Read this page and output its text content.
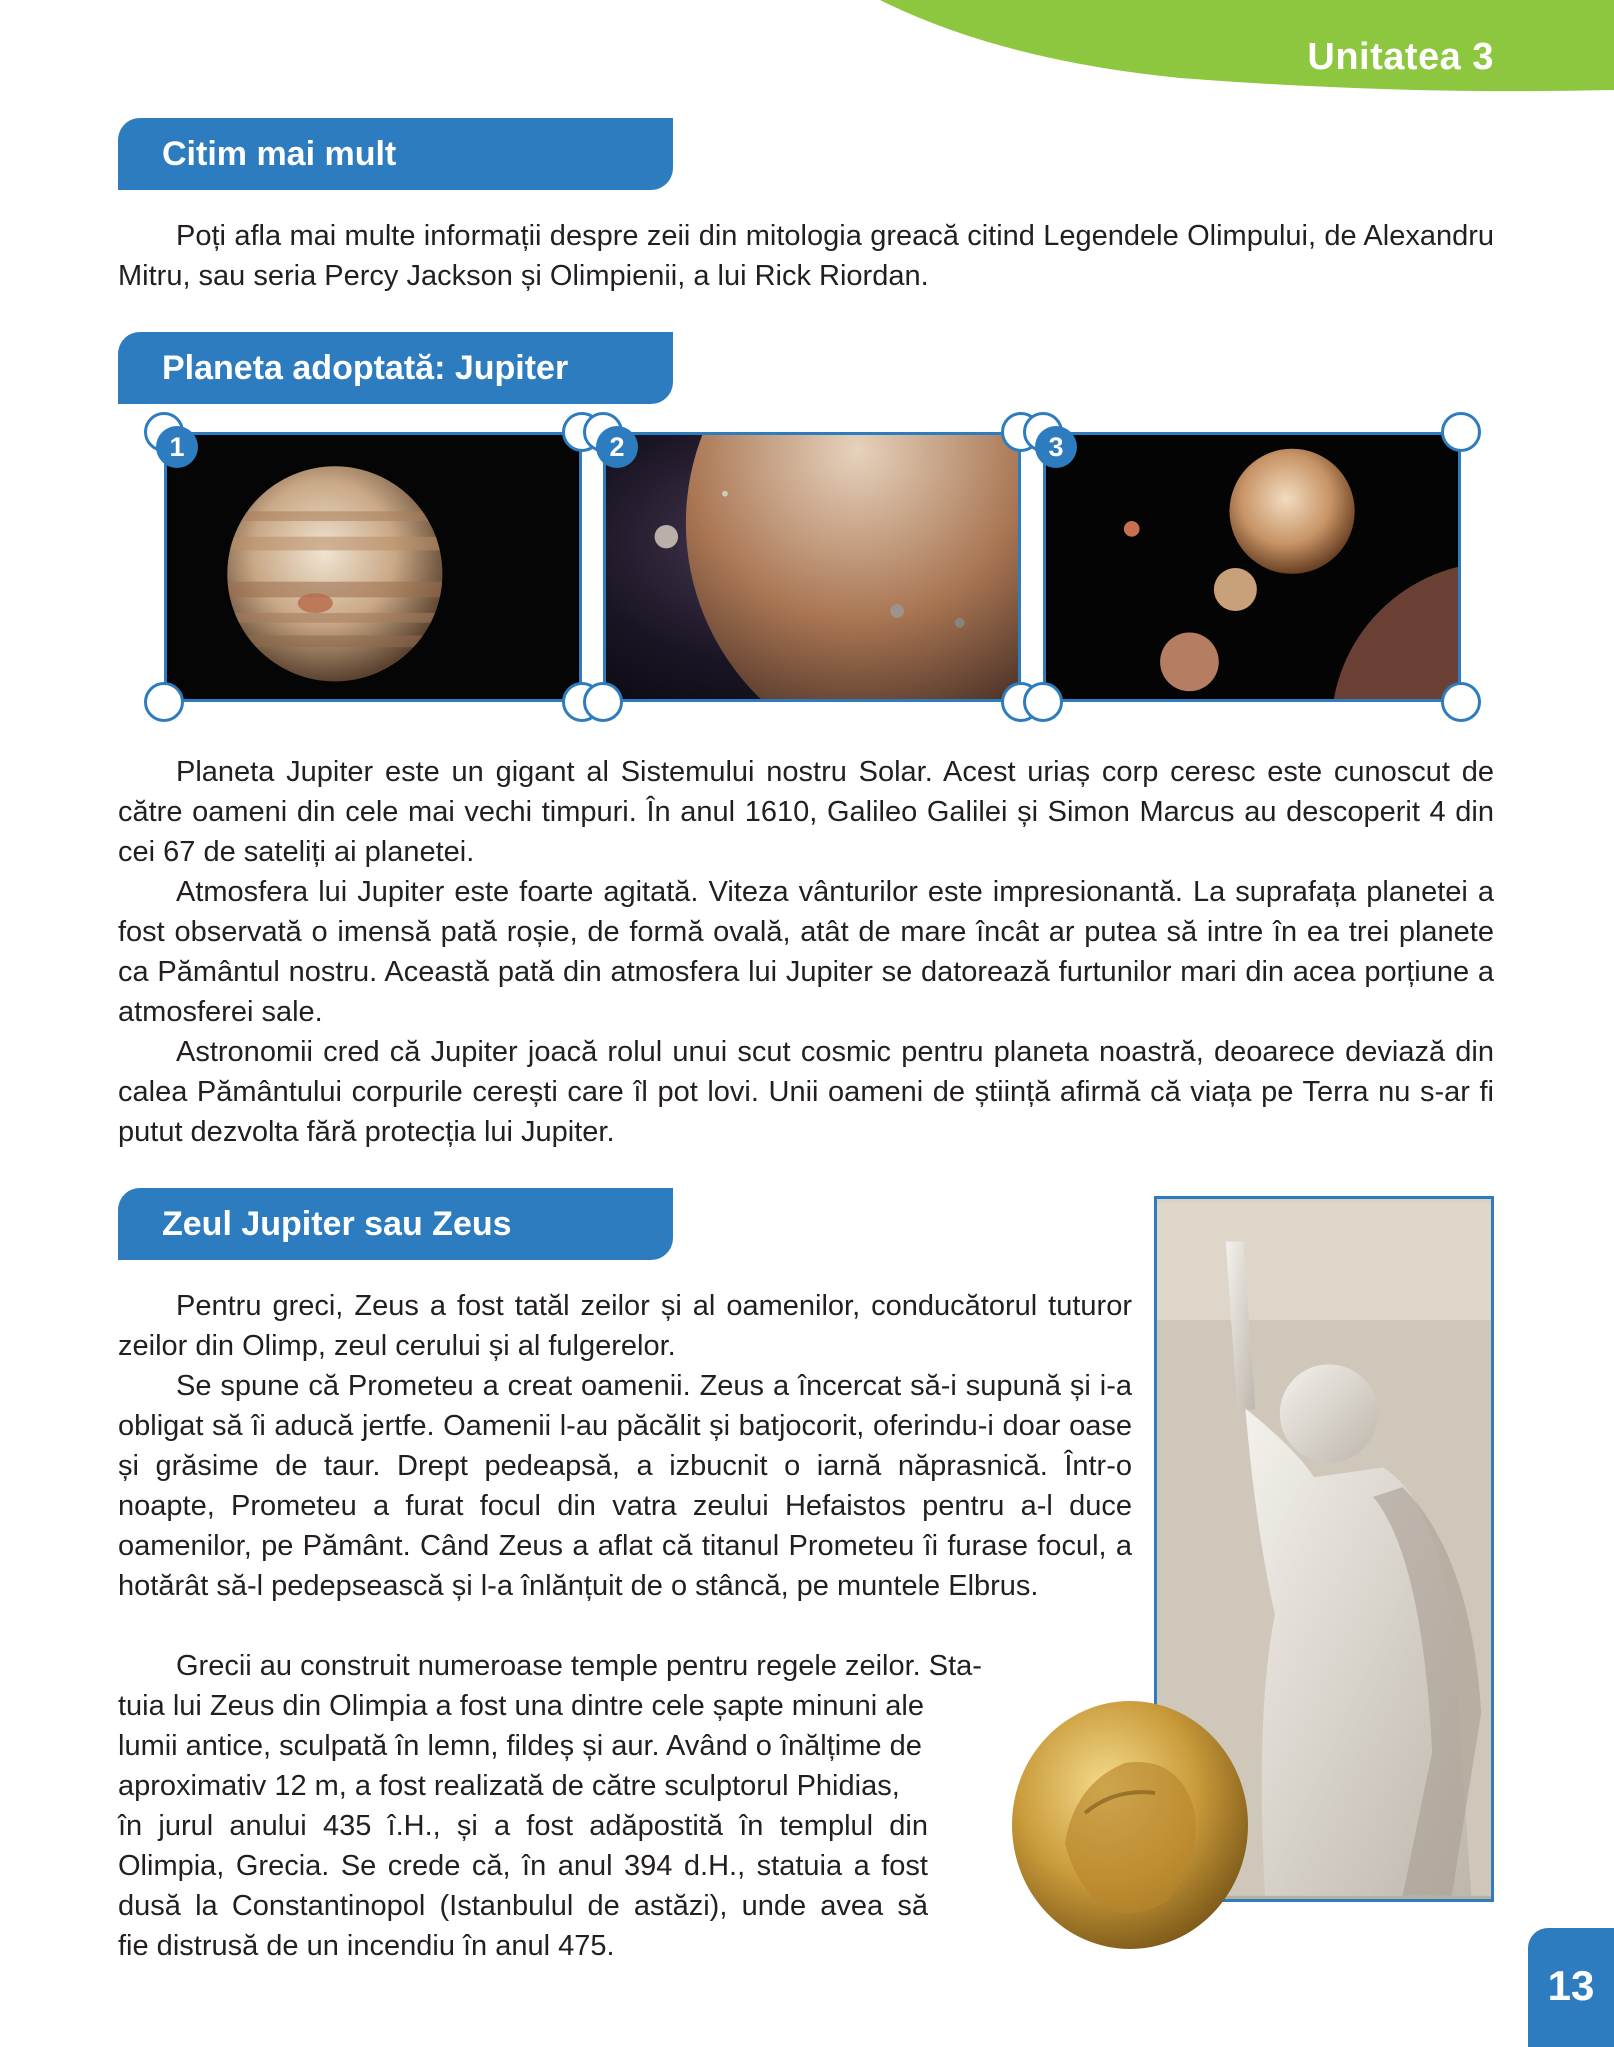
Unitatea 3
Citim mai mult

Poți afla mai multe informații despre zeii din mitologia greacă citind Legendele Olimpului, de Alexandru Mitru, sau seria Percy Jackson și Olimpienii, a lui Rick Riordan.

Planeta adoptată: Jupiter
1	2	3

Planeta Jupiter este un gigant al Sistemului nostru Solar. Acest uriaș corp ceresc este cunoscut de către oameni din cele mai vechi timpuri. În anul 1610, Galileo Galilei și Simon Marcus au descoperit 4 din cei 67 de sateliți ai planetei.

Atmosfera lui Jupiter este foarte agitată. Viteza vânturilor este impresionantă. La suprafața planetei a fost observată o imensă pată roșie, de formă ovală, atât de mare încât ar putea să intre în ea trei planete ca Pământul nostru. Această pată din atmosfera lui Jupiter se datorează furtunilor mari din acea porțiune a atmosferei sale.

Astronomii cred că Jupiter joacă rolul unui scut cosmic pentru planeta noastră, deoarece deviază din calea Pământului corpurile cerești care îl pot lovi. Unii oameni de știință afirmă că viața pe Terra nu s-ar fi putut dezvolta fără protecția lui Jupiter.

Zeul Jupiter sau Zeus

Pentru greci, Zeus a fost tatăl zeilor și al oamenilor, conducătorul tuturor zeilor din Olimp, zeul cerului și al fulgerelor.

Se spune că Prometeu a creat oamenii. Zeus a încercat să-i supună și i-a obligat să îi aducă jertfe. Oamenii l-au păcălit și batjocorit, oferindu-i doar oase și grăsime de taur. Drept pedeapsă, a izbucnit o iarnă năprasnică. Într-o noapte, Prometeu a furat focul din vatra zeului Hefaistos pentru a-l duce oamenilor, pe Pământ. Când Zeus a aflat că titanul Prometeu îi furase focul, a hotărât să-l pedepsească și l-a înlănțuit de o stâncă, pe muntele Elbrus.

Grecii au construit numeroase temple pentru regele zeilor. Sta-
tuia lui Zeus din Olimpia a fost una dintre cele șapte minuni ale
lumii antice, sculpată în lemn, fildeș și aur. Având o înălțime de
aproximativ 12 m, a fost realizată de către sculptorul Phidias,
în jurul anului 435 î.H., și a fost adăpostită în templul din
Olimpia, Grecia. Se crede că, în anul 394 d.H., statuia a fost
dusă la Constantinopol (Istanbulul de astăzi), unde avea să
fie distrusă de un incendiu în anul 475.
13
